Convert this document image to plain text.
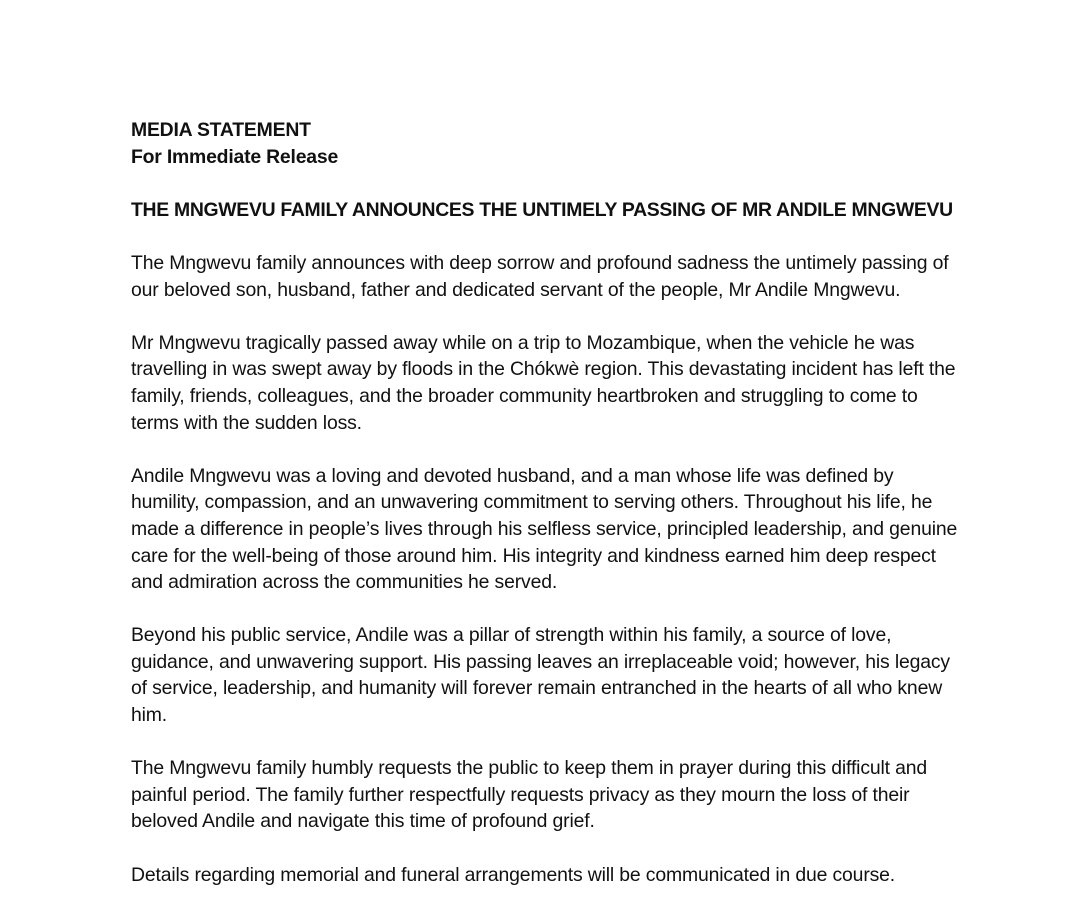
MEDIA STATEMENT
For Immediate Release
THE MNGWEVU FAMILY ANNOUNCES THE UNTIMELY PASSING OF MR ANDILE MNGWEVU

The Mngwevu family announces with deep sorrow and profound sadness the untimely passing of our beloved son, husband, father and dedicated servant of the people, Mr Andile Mngwevu.

Mr Mngwevu tragically passed away while on a trip to Mozambique, when the vehicle he was travelling in was swept away by floods in the Chókwè region. This devastating incident has left the family, friends, colleagues, and the broader community heartbroken and struggling to come to terms with the sudden loss.

Andile Mngwevu was a loving and devoted husband, and a man whose life was defined by humility, compassion, and an unwavering commitment to serving others. Throughout his life, he made a difference in people’s lives through his selfless service, principled leadership, and genuine care for the well-being of those around him. His integrity and kindness earned him deep respect and admiration across the communities he served.

Beyond his public service, Andile was a pillar of strength within his family, a source of love, guidance, and unwavering support. His passing leaves an irreplaceable void; however, his legacy of service, leadership, and humanity will forever remain entranched in the hearts of all who knew him.

The Mngwevu family humbly requests the public to keep them in prayer during this difficult and painful period. The family further respectfully requests privacy as they mourn the loss of their beloved Andile and navigate this time of profound grief.

Details regarding memorial and funeral arrangements will be communicated in due course.
